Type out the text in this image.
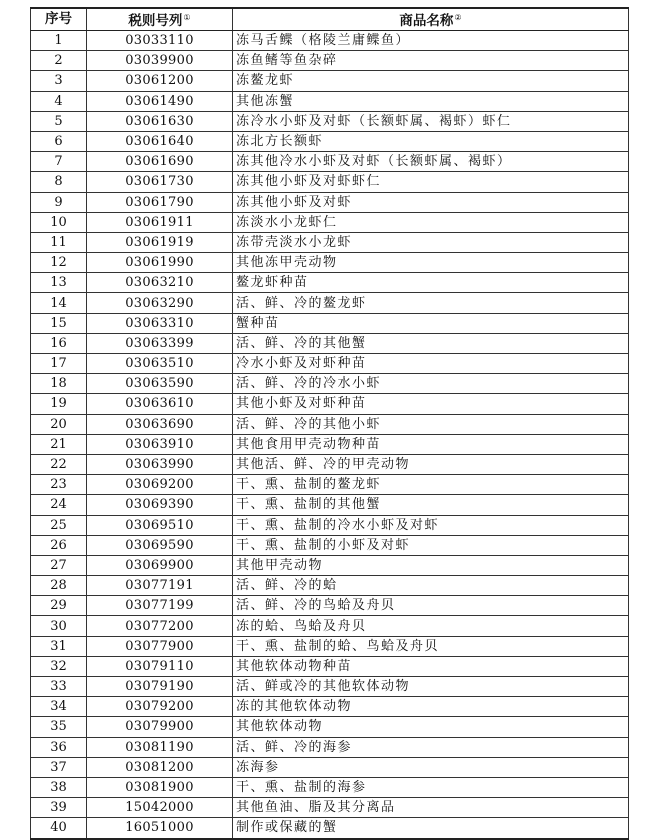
序号	税则号列①	商品名称②
1	03033110	冻马舌鲽（格陵兰庸鲽鱼）
2	03039900	冻鱼鳍等鱼杂碎
3	03061200	冻鳌龙虾
4	03061490	其他冻蟹
5	03061630	冻冷水小虾及对虾（长额虾属、褐虾）虾仁
6	03061640	冻北方长额虾
7	03061690	冻其他冷水小虾及对虾（长额虾属、褐虾）
8	03061730	冻其他小虾及对虾虾仁
9	03061790	冻其他小虾及对虾
10	03061911	冻淡水小龙虾仁
11	03061919	冻带壳淡水小龙虾
12	03061990	其他冻甲壳动物
13	03063210	鳌龙虾种苗
14	03063290	活、鲜、冷的鳌龙虾
15	03063310	蟹种苗
16	03063399	活、鲜、冷的其他蟹
17	03063510	冷水小虾及对虾种苗
18	03063590	活、鲜、冷的冷水小虾
19	03063610	其他小虾及对虾种苗
20	03063690	活、鲜、冷的其他小虾
21	03063910	其他食用甲壳动物种苗
22	03063990	其他活、鲜、冷的甲壳动物
23	03069200	干、熏、盐制的鳌龙虾
24	03069390	干、熏、盐制的其他蟹
25	03069510	干、熏、盐制的冷水小虾及对虾
26	03069590	干、熏、盐制的小虾及对虾
27	03069900	其他甲壳动物
28	03077191	活、鲜、冷的蛤
29	03077199	活、鲜、冷的鸟蛤及舟贝
30	03077200	冻的蛤、鸟蛤及舟贝
31	03077900	干、熏、盐制的蛤、鸟蛤及舟贝
32	03079110	其他软体动物种苗
33	03079190	活、鲜或冷的其他软体动物
34	03079200	冻的其他软体动物
35	03079900	其他软体动物
36	03081190	活、鲜、冷的海参
37	03081200	冻海参
38	03081900	干、熏、盐制的海参
39	15042000	其他鱼油、脂及其分离品
40	16051000	制作或保藏的蟹
